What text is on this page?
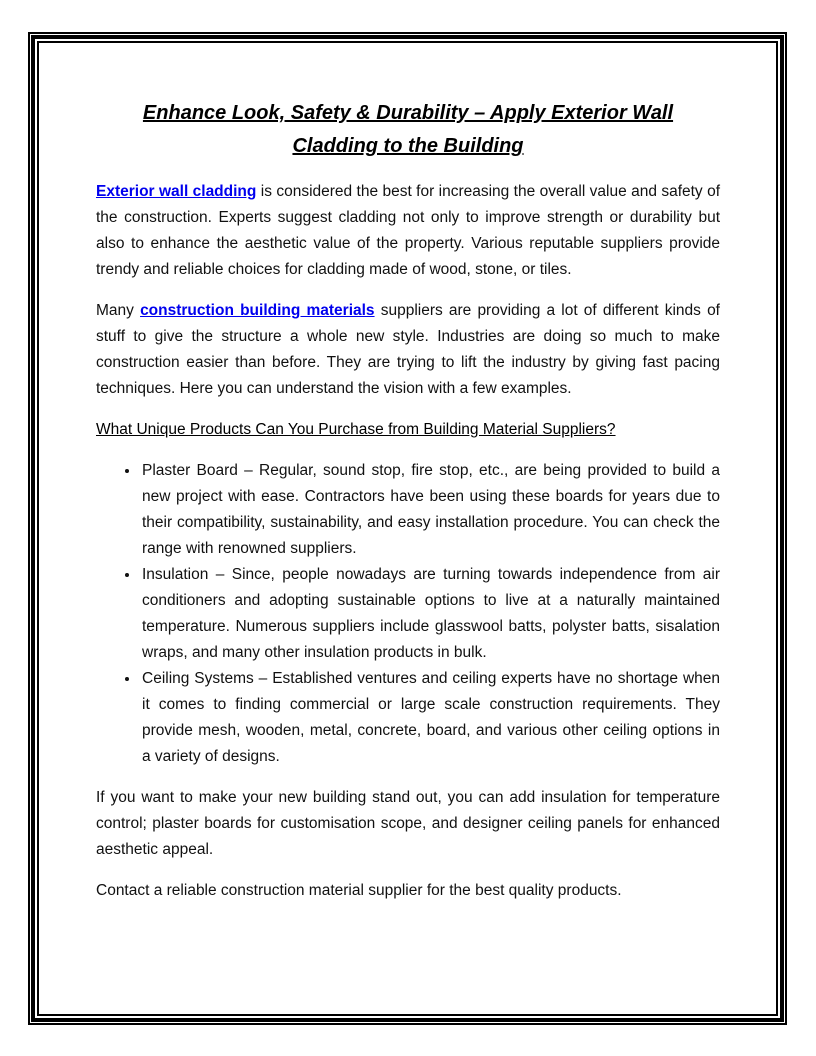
Enhance Look, Safety & Durability – Apply Exterior Wall
Cladding to the Building

Exterior wall cladding is considered the best for increasing the overall value and safety of the construction. Experts suggest cladding not only to improve strength or durability but also to enhance the aesthetic value of the property. Various reputable suppliers provide trendy and reliable choices for cladding made of wood, stone, or tiles.

Many construction building materials suppliers are providing a lot of different kinds of stuff to give the structure a whole new style. Industries are doing so much to make construction easier than before. They are trying to lift the industry by giving fast pacing techniques. Here you can understand the vision with a few examples.

What Unique Products Can You Purchase from Building Material Suppliers?
• Plaster Board – Regular, sound stop, fire stop, etc., are being provided to build a new project with ease. Contractors have been using these boards for years due to their compatibility, sustainability, and easy installation procedure. You can check the range with renowned suppliers.
• Insulation – Since, people nowadays are turning towards independence from air conditioners and adopting sustainable options to live at a naturally maintained temperature. Numerous suppliers include glasswool batts, polyster batts, sisalation wraps, and many other insulation products in bulk.
• Ceiling Systems – Established ventures and ceiling experts have no shortage when it comes to finding commercial or large scale construction requirements. They provide mesh, wooden, metal, concrete, board, and various other ceiling options in a variety of designs.

If you want to make your new building stand out, you can add insulation for temperature control; plaster boards for customisation scope, and designer ceiling panels for enhanced aesthetic appeal.

Contact a reliable construction material supplier for the best quality products.
